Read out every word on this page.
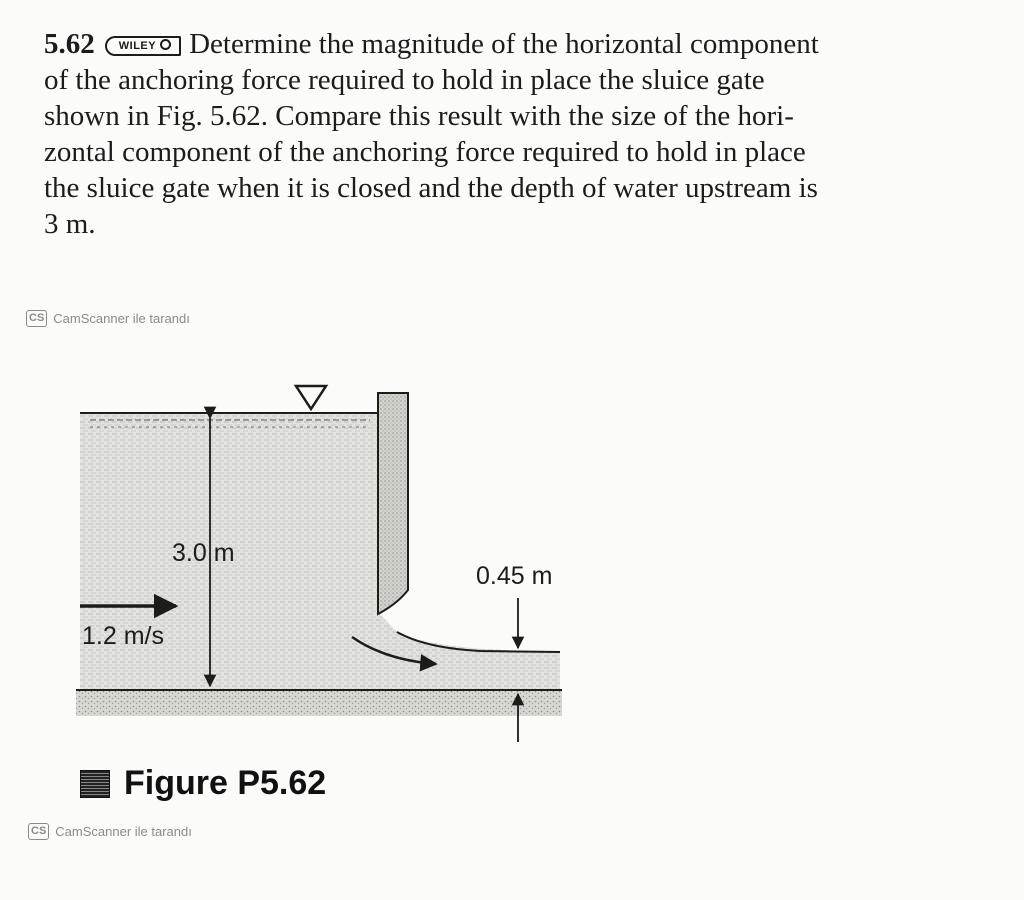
5.62 WILEY Determine the magnitude of the horizontal component
of the anchoring force required to hold in place the sluice gate
shown in Fig. 5.62. Compare this result with the size of the hori-
zontal component of the anchoring force required to hold in place
the sluice gate when it is closed and the depth of water upstream is
3 m.
CS CamScanner ile tarandı
3.0 m
1.2 m/s
0.45 m
Figure P5.62
CS CamScanner ile tarandı
